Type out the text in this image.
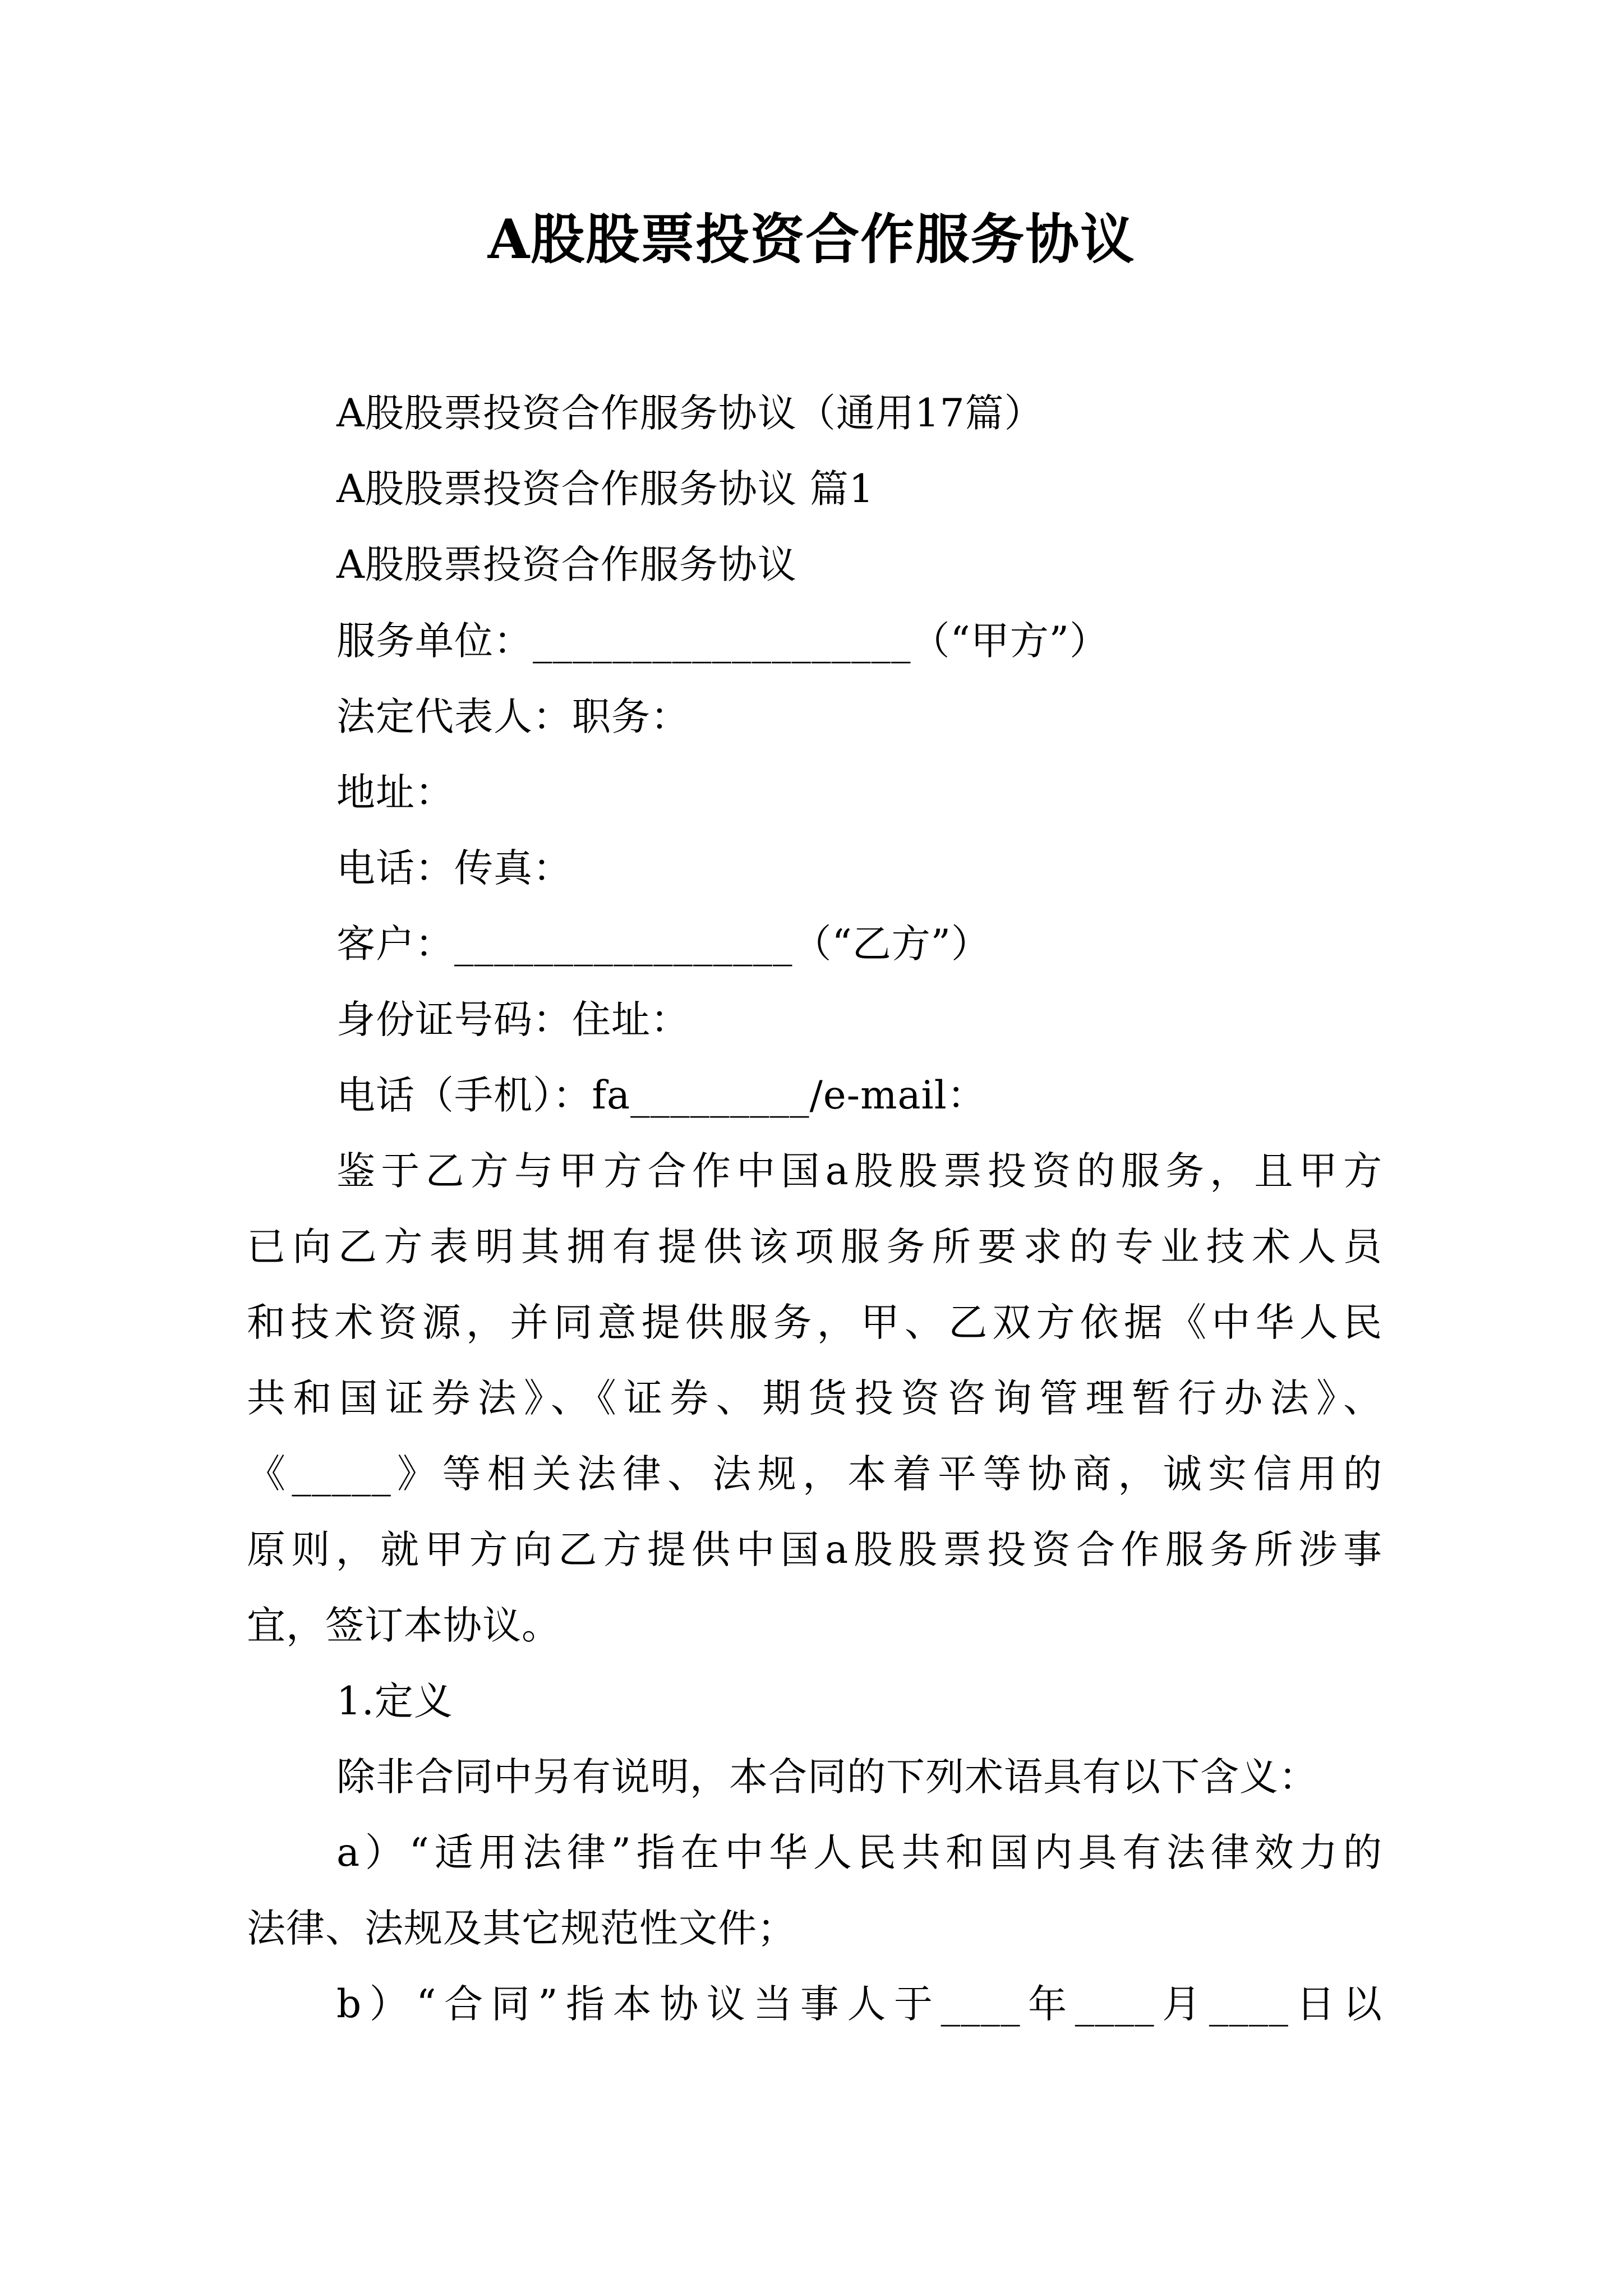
A股股票投资合作服务协议
A股股票投资合作服务协议（通用17篇）
A股股票投资合作服务协议 篇1
A股股票投资合作服务协议
服务单位：___________________（“甲方”）
法定代表人：职务：
地址：
电话：传真：
客户：_________________（“乙方”）
身份证号码：住址：
电话（手机）：fa_________/e-mail：
鉴于乙方与甲方合作中国a股股票投资的服务，且甲方
已向乙方表明其拥有提供该项服务所要求的专业技术人员
和技术资源，并同意提供服务，甲、乙双方依据《中华人民
共和国证券法》、《证券、期货投资咨询管理暂行办法》、
《_____》等相关法律、法规，本着平等协商，诚实信用的
原则，就甲方向乙方提供中国a股股票投资合作服务所涉事
宜，签订本协议。
1.定义
除非合同中另有说明，本合同的下列术语具有以下含义：
a）“适用法律”指在中华人民共和国内具有法律效力的
法律、法规及其它规范性文件；
b）“合同”指本协议当事人于____年____月____日以
